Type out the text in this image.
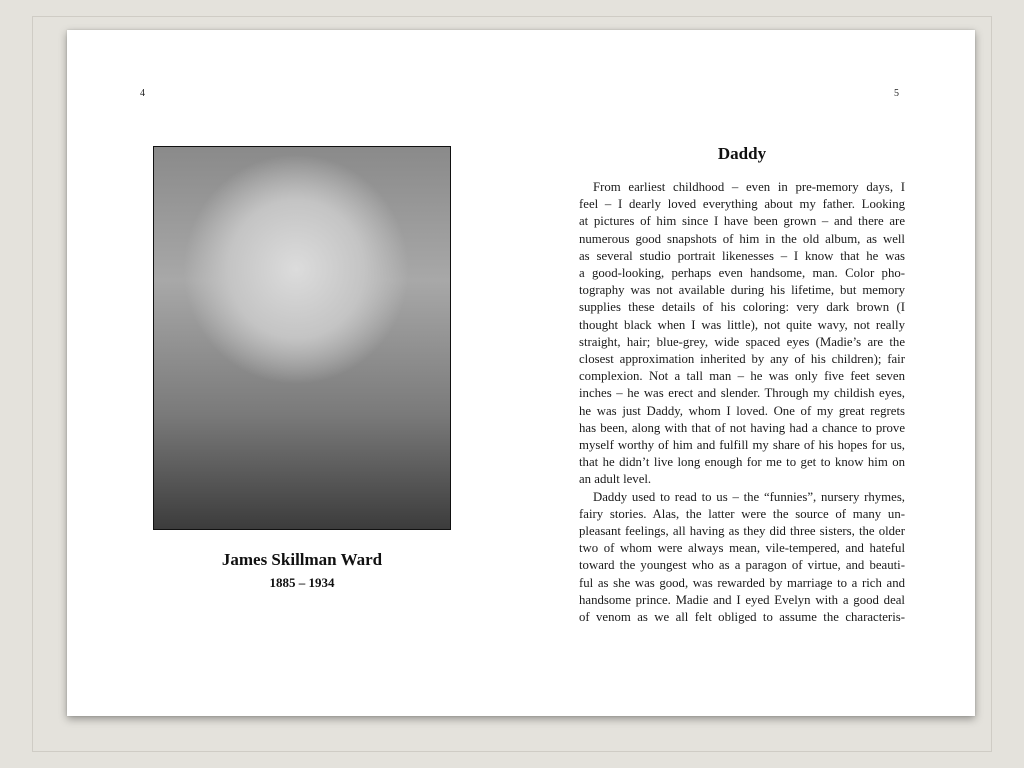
4	5
James Skillman Ward
1885 – 1934
Daddy
From earliest childhood – even in pre-memory days, I
feel – I dearly loved everything about my father. Looking
at pictures of him since I have been grown – and there are
numerous good snapshots of him in the old album, as well
as several studio portrait likenesses – I know that he was
a good-looking, perhaps even handsome, man. Color pho-
tography was not available during his lifetime, but memory
supplies these details of his coloring: very dark brown (I
thought black when I was little), not quite wavy, not really
straight, hair; blue-grey, wide spaced eyes (Madie’s are the
closest approximation inherited by any of his children); fair
complexion. Not a tall man – he was only five feet seven
inches – he was erect and slender. Through my childish eyes,
he was just Daddy, whom I loved. One of my great regrets
has been, along with that of not having had a chance to prove
myself worthy of him and fulfill my share of his hopes for us,
that he didn’t live long enough for me to get to know him on
an adult level.
Daddy used to read to us – the “funnies”, nursery rhymes,
fairy stories. Alas, the latter were the source of many un-
pleasant feelings, all having as they did three sisters, the older
two of whom were always mean, vile-tempered, and hateful
toward the youngest who as a paragon of virtue, and beauti-
ful as she was good, was rewarded by marriage to a rich and
handsome prince. Madie and I eyed Evelyn with a good deal
of venom as we all felt obliged to assume the characteris-
